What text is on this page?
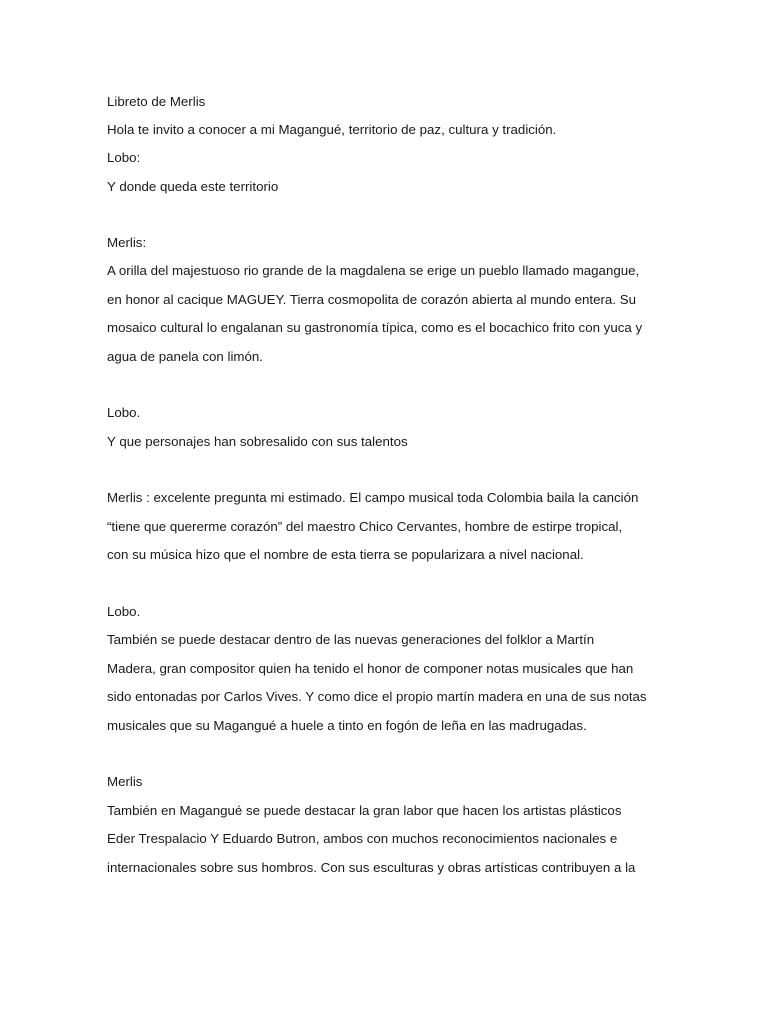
Libreto de Merlis
Hola te invito a conocer a mi Magangué, territorio de paz, cultura y tradición.
Lobo:
Y donde queda este territorio
Merlis:
A orilla del majestuoso rio grande de la magdalena se erige un pueblo llamado magangue,
en honor al cacique MAGUEY. Tierra cosmopolita de corazón abierta al mundo entera. Su
mosaico cultural lo engalanan su gastronomía típica, como es el bocachico frito con yuca y
agua de panela con limón.
Lobo.
Y que personajes han sobresalido con sus talentos
Merlis : excelente pregunta mi estimado. El campo musical toda Colombia baila la canción
“tiene que quererme corazón” del maestro Chico Cervantes, hombre de estirpe tropical,
con su música hizo que el nombre de esta tierra se popularizara a nivel nacional.
Lobo.
También se puede destacar dentro de las nuevas generaciones del folklor a Martín
Madera, gran compositor quien ha tenido el honor de componer notas musicales que han
sido entonadas por Carlos Vives. Y como dice el propio martín madera en una de sus notas
musicales que su Magangué a huele a tinto en fogón de leña en las madrugadas.
Merlis
También en Magangué se puede destacar la gran labor que hacen los artistas plásticos
Eder Trespalacio Y Eduardo Butron, ambos con muchos reconocimientos nacionales e
internacionales sobre sus hombros. Con sus esculturas y obras artísticas contribuyen a la
